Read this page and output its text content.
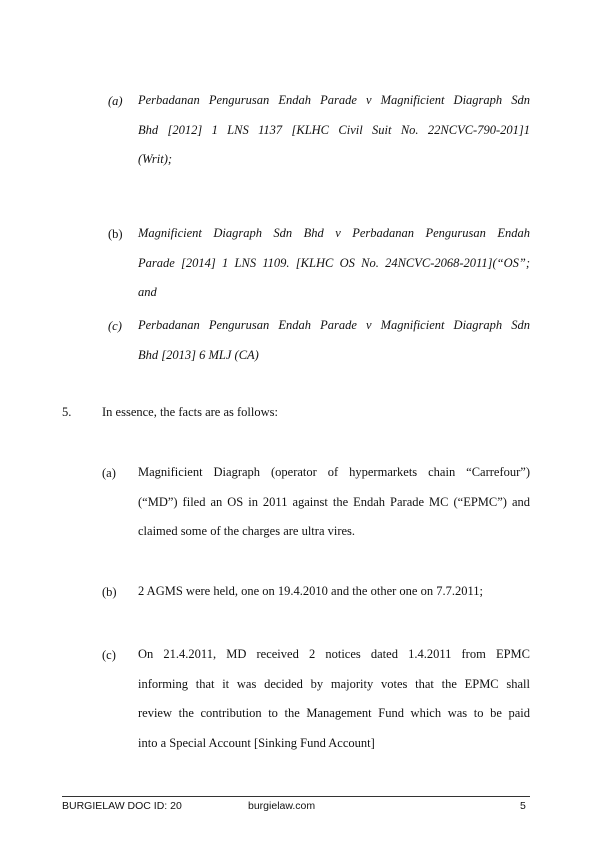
(a) Perbadanan Pengurusan Endah Parade v Magnificient Diagraph Sdn
Bhd [2012] 1 LNS 1137 [KLHC Civil Suit No. 22NCVC-790-201]1
(Writ);
(b) Magnificient Diagraph Sdn Bhd v Perbadanan Pengurusan Endah
Parade [2014] 1 LNS 1109. [KLHC OS No. 24NCVC-2068-2011](“OS”;
and
(c) Perbadanan Pengurusan Endah Parade v Magnificient Diagraph Sdn
Bhd [2013] 6 MLJ (CA)
5. In essence, the facts are as follows:
(a) Magnificient Diagraph (operator of hypermarkets chain “Carrefour”)
(“MD”) filed an OS in 2011 against the Endah Parade MC (“EPMC”) and
claimed some of the charges are ultra vires.
(b) 2 AGMS were held, one on 19.4.2010 and the other one on 7.7.2011;
(c) On 21.4.2011, MD received 2 notices dated 1.4.2011 from EPMC
informing that it was decided by majority votes that the EPMC shall
review the contribution to the Management Fund which was to be paid
into a Special Account [Sinking Fund Account]
BURGIELAW DOC ID: 20	burgielaw.com	5
